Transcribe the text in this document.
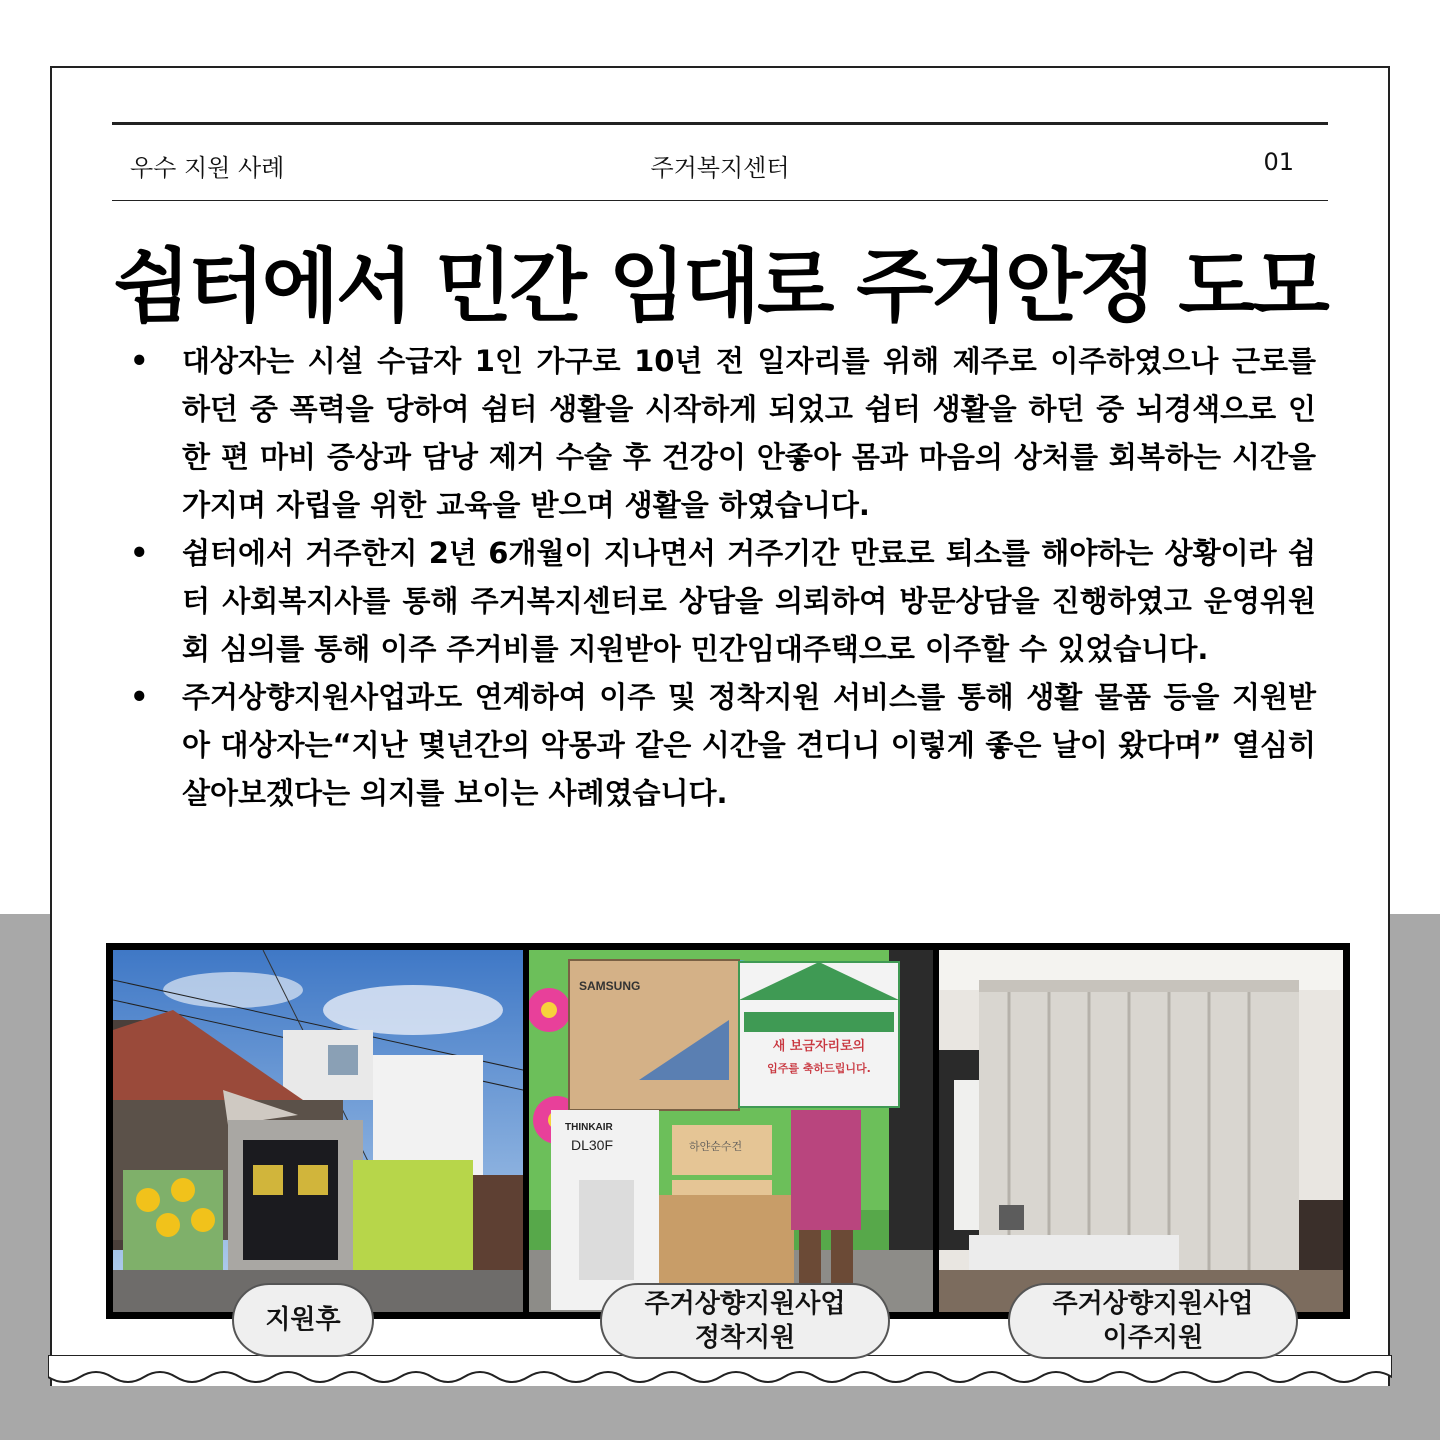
우수 지원 사례	주거복지센터	01
쉼터에서 민간 임대로 주거안정 도모
• 대상자는 시설 수급자 1인 가구로 10년 전 일자리를 위해 제주로 이주하였으나 근로를 하던 중 폭력을 당하여 쉼터 생활을 시작하게 되었고 쉼터 생활을 하던 중 뇌경색으로 인한 편 마비 증상과 담낭 제거 수술 후 건강이 안좋아 몸과 마음의 상처를 회복하는 시간을 가지며 자립을 위한 교육을 받으며 생활을 하였습니다.
• 쉼터에서 거주한지 2년 6개월이 지나면서 거주기간 만료로 퇴소를 해야하는 상황이라 쉼터 사회복지사를 통해 주거복지센터로 상담을 의뢰하여 방문상담을 진행하였고 운영위원회 심의를 통해 이주 주거비를 지원받아 민간임대주택으로 이주할 수 있었습니다.
• 주거상향지원사업과도 연계하여 이주 및 정착지원 서비스를 통해 생활 물품 등을 지원받아 대상자는“지난 몇년간의 악몽과 같은 시간을 견디니 이렇게 좋은 날이 왔다며” 열심히 살아보겠다는 의지를 보이는 사례였습니다.
SAMSUNG
THINKAIR
DL30F	하얀순수건
새 보금자리로의
입주를 축하드립니다.
지원후
주거상향지원사업
정착지원
주거상향지원사업
이주지원
